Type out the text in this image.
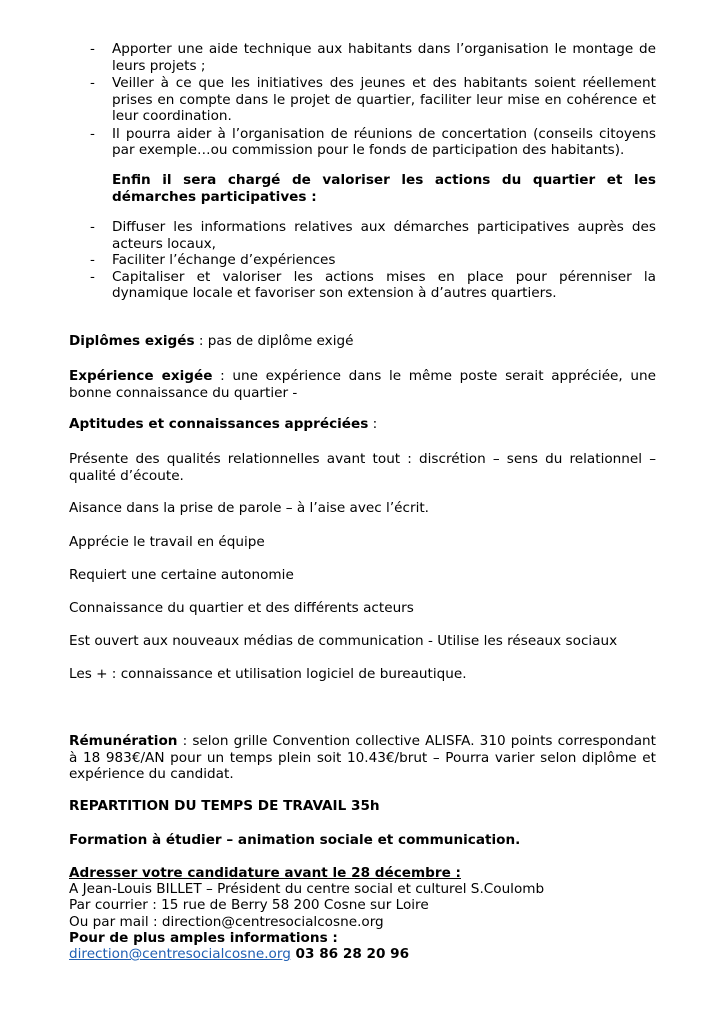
- Apporter une aide technique aux habitants dans l’organisation le montage de leurs projets ;
- Veiller à ce que les initiatives des jeunes et des habitants soient réellement prises en compte dans le projet de quartier, faciliter leur mise en cohérence et leur coordination.
- Il pourra aider à l’organisation de réunions de concertation (conseils citoyens par exemple…ou commission pour le fonds de participation des habitants).

Enfin il sera chargé de valoriser les actions du quartier et les démarches participatives :

- Diffuser les informations relatives aux démarches participatives auprès des acteurs locaux,
- Faciliter l’échange d’expériences
- Capitaliser et valoriser les actions mises en place pour pérenniser la dynamique locale et favoriser son extension à d’autres quartiers.

Diplômes exigés : pas de diplôme exigé

Expérience exigée : une expérience dans le même poste serait appréciée, une bonne connaissance du quartier -

Aptitudes et connaissances appréciées :

Présente des qualités relationnelles avant tout : discrétion – sens du relationnel – qualité d’écoute.

Aisance dans la prise de parole – à l’aise avec l’écrit.

Apprécie le travail en équipe

Requiert une certaine autonomie

Connaissance du quartier et des différents acteurs

Est ouvert aux nouveaux médias de communication - Utilise les réseaux sociaux

Les + : connaissance et utilisation logiciel de bureautique.

Rémunération : selon grille Convention collective ALISFA. 310 points correspondant à 18 983€/AN pour un temps plein soit 10.43€/brut – Pourra varier selon diplôme et expérience du candidat.

REPARTITION DU TEMPS DE TRAVAIL 35h

Formation à étudier – animation sociale et communication.

Adresser votre candidature avant le 28 décembre :

A Jean-Louis BILLET – Président du centre social et culturel S.Coulomb

Par courrier : 15 rue de Berry 58 200 Cosne sur Loire

Ou par mail : direction@centresocialcosne.org

Pour de plus amples informations :

direction@centresocialcosne.org 03 86 28 20 96
